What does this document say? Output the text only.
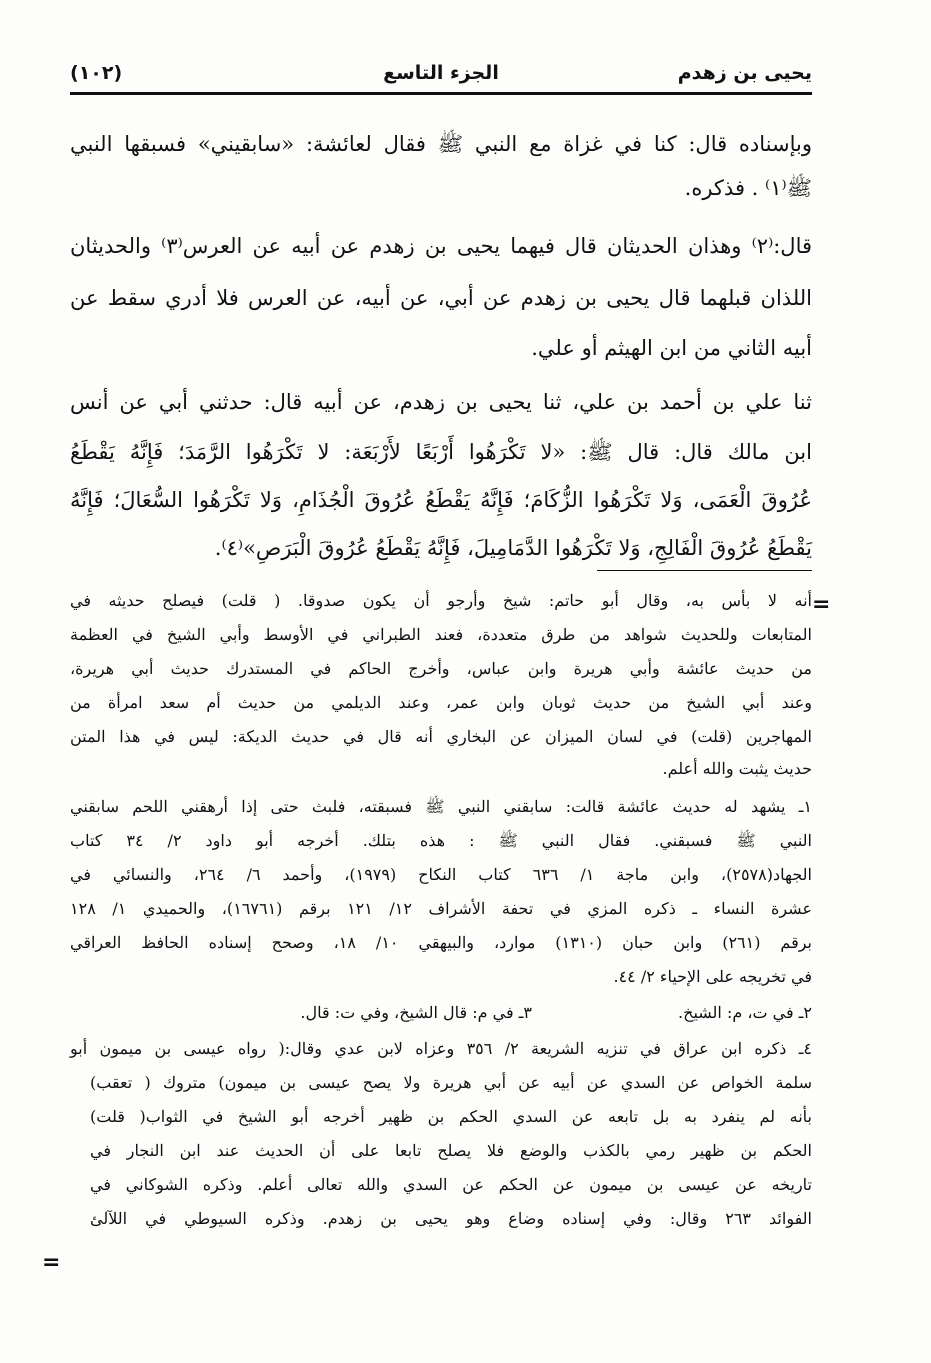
(١٠٢)	الجزء التاسع	يحيى بن زهدم
وبإسناده قال: كنا في غزاة مع النبي ﷺ فقال لعائشة: «سابقيني» فسبقها النبي
ﷺ⁽١⁾ . فذكره.
قال:⁽٢⁾ وهذان الحديثان قال فيهما يحيى بن زهدم عن أبيه عن العرس⁽٣⁾ والحديثان
اللذان قبلهما قال يحيى بن زهدم عن أبي، عن أبيه، عن العرس فلا أدري سقط عن
أبيه الثاني من ابن الهيثم أو علي.
ثنا علي بن أحمد بن علي، ثنا يحيى بن زهدم، عن أبيه قال: حدثني أبي عن أنس
ابن مالك قال: قال ﷺ: «لا تَكْرَهُوا أَرْبَعًا لأَرْبَعَة: لا تَكْرَهُوا الرَّمَدَ؛ فَإِنَّهُ يَقْطَعُ
عُرُوقَ الْعَمَى، وَلا تَكْرَهُوا الزُّكَامَ؛ فَإِنَّهُ يَقْطَعُ عُرُوقَ الْجُذَامِ، وَلا تَكْرَهُوا السُّعَالَ؛ فَإِنَّهُ
يَقْطَعُ عُرُوقَ الْفَالِجِ، وَلا تَكْرَهُوا الدَّمَامِيلَ، فَإِنَّهُ يَقْطَعُ عُرُوقَ الْبَرَصِ»⁽٤⁾.
أنه لا بأس به، وقال أبو حاتم: شيخ وأرجو أن يكون صدوقا. ( قلت) فيصلح حديثه في
المتابعات وللحديث شواهد من طرق متعددة، فعند الطبراني في الأوسط وأبي الشيخ في العظمة
من حديث عائشة وأبي هريرة وابن عباس، وأخرج الحاكم في المستدرك حديث أبي هريرة،
وعند أبي الشيخ من حديث ثوبان وابن عمر، وعند الديلمي من حديث أم سعد امرأة من
المهاجرين (قلت) في لسان الميزان عن البخاري أنه قال في حديث الديكة: ليس في هذا المتن
حديث يثبت والله أعلم.
١ـ يشهد له حديث عائشة قالت: سابقني النبي ﷺ فسبقته، فلبث حتى إذا أرهقني اللحم سابقني
النبي ﷺ فسبقني. فقال النبي ﷺ : هذه بتلك. أخرجه أبو داود ٢/ ٣٤ كتاب
الجهاد(٢٥٧٨)، وابن ماجة ١/ ٦٣٦ كتاب النكاح (١٩٧٩)، وأحمد ٦/ ٢٦٤، والنسائي في
عشرة النساء ـ ذكره المزي في تحفة الأشراف ١٢/ ١٢١ برقم (١٦٧٦١)، والحميدي ١/ ١٢٨
برقم (٢٦١) وابن حبان (١٣١٠) موارد، والبيهقي ١٠/ ١٨، وصحح إسناده الحافظ العراقي
في تخريجه على الإحياء ٢/ ٤٤.
٢ـ في ت، م: الشيخ.
٣ـ في م: قال الشيخ، وفي ت: قال.
٤ـ ذكره ابن عراق في تنزيه الشريعة ٢/ ٣٥٦ وعزاه لابن عدي وقال:( رواه عيسى بن ميمون أبو
سلمة الخواص عن السدي عن أبيه عن أبي هريرة ولا يصح عيسى بن ميمون) متروك ( تعقب)
بأنه لم ينفرد به بل تابعه عن السدي الحكم بن ظهير أخرجه أبو الشيخ في الثواب( قلت)
الحكم بن ظهير رمي بالكذب والوضع فلا يصلح تابعا على أن الحديث عند ابن النجار في
تاريخه عن عيسى بن ميمون عن الحكم عن السدي والله تعالى أعلم. وذكره الشوكاني في
الفوائد ٢٦٣ وقال: وفي إسناده وضاع وهو يحيى بن زهدم. وذكره السيوطي في اللآلئ
=
=
